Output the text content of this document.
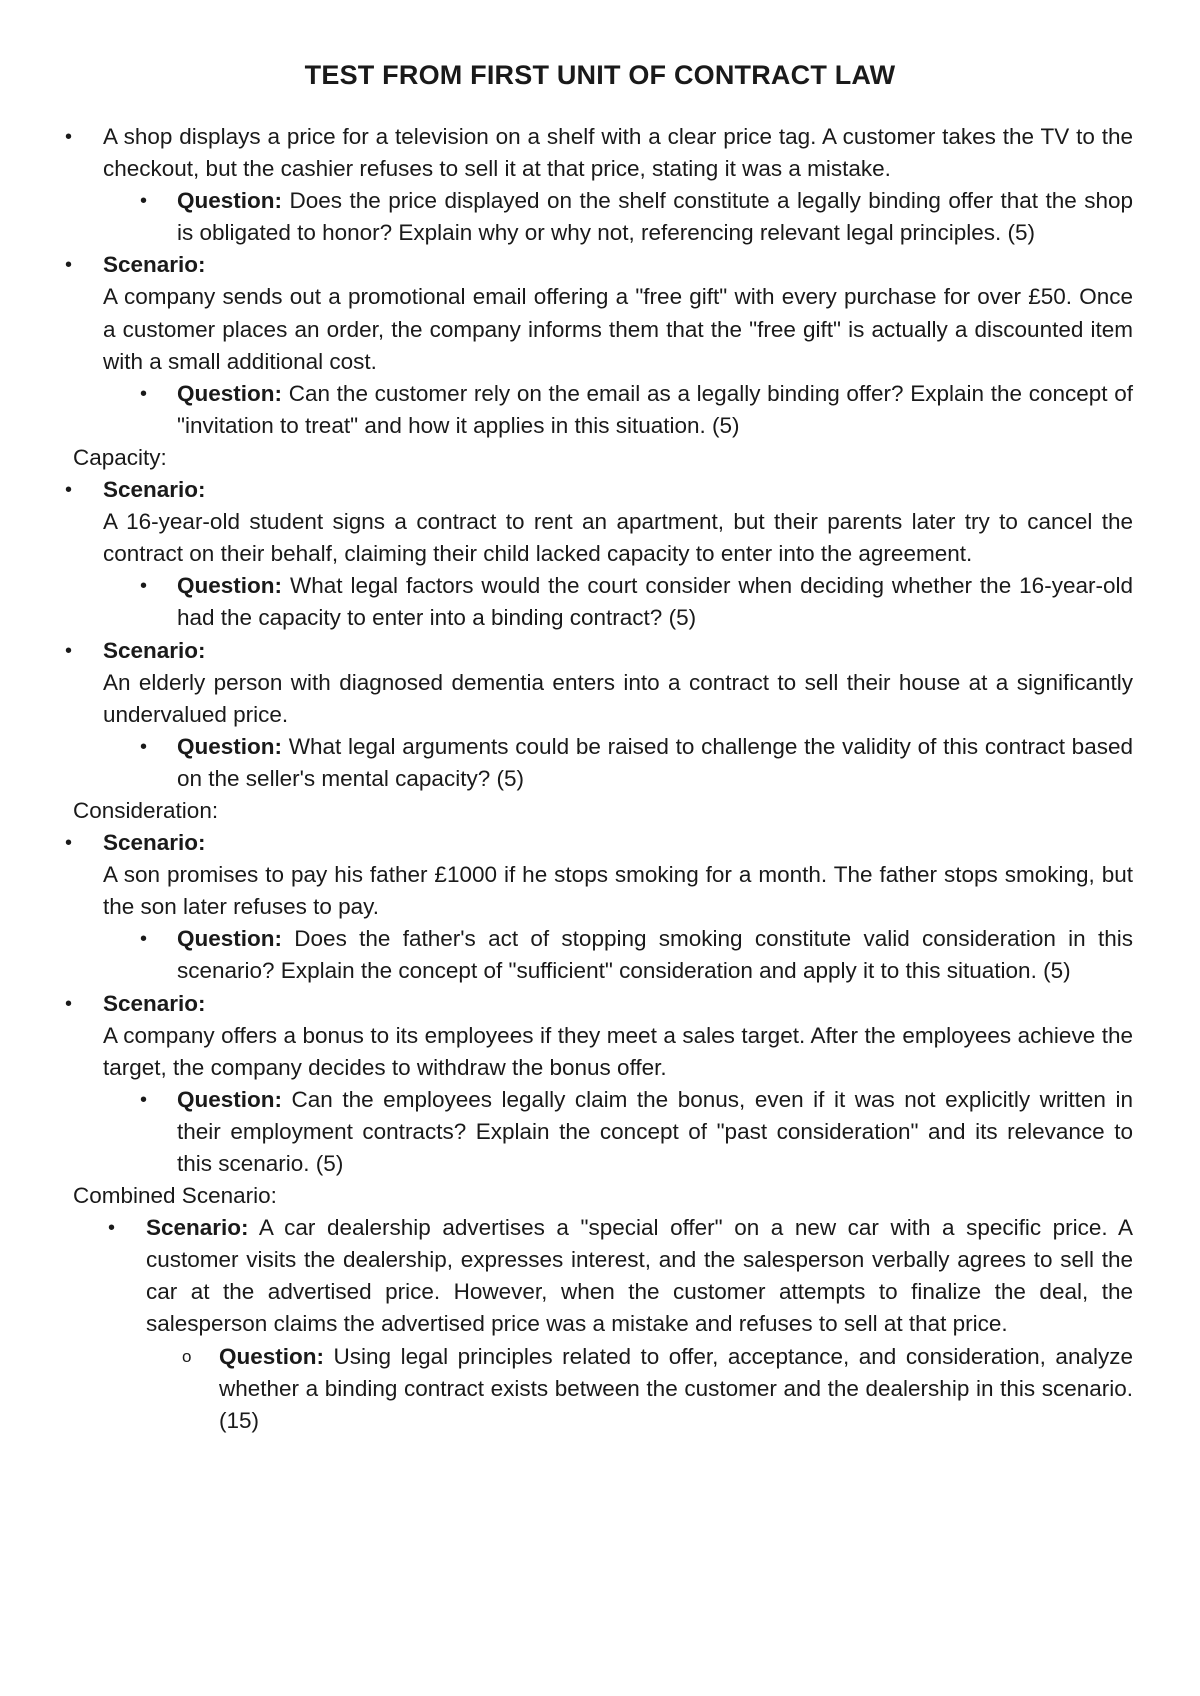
TEST FROM FIRST UNIT OF CONTRACT LAW
• A shop displays a price for a television on a shelf with a clear price tag. A customer takes the TV to the checkout, but the cashier refuses to sell it at that price, stating it was a mistake.
• Question: Does the price displayed on the shelf constitute a legally binding offer that the shop is obligated to honor? Explain why or why not, referencing relevant legal principles. (5)
• Scenario:
A company sends out a promotional email offering a "free gift" with every purchase for over £50. Once a customer places an order, the company informs them that the "free gift" is actually a discounted item with a small additional cost.
• Question: Can the customer rely on the email as a legally binding offer? Explain the concept of "invitation to treat" and how it applies in this situation. (5)
Capacity:
• Scenario:
A 16-year-old student signs a contract to rent an apartment, but their parents later try to cancel the contract on their behalf, claiming their child lacked capacity to enter into the agreement.
• Question: What legal factors would the court consider when deciding whether the 16-year-old had the capacity to enter into a binding contract? (5)
• Scenario:
An elderly person with diagnosed dementia enters into a contract to sell their house at a significantly undervalued price.
• Question: What legal arguments could be raised to challenge the validity of this contract based on the seller's mental capacity? (5)
Consideration:
• Scenario:
A son promises to pay his father £1000 if he stops smoking for a month. The father stops smoking, but the son later refuses to pay.
• Question: Does the father's act of stopping smoking constitute valid consideration in this scenario? Explain the concept of "sufficient" consideration and apply it to this situation. (5)
• Scenario:
A company offers a bonus to its employees if they meet a sales target. After the employees achieve the target, the company decides to withdraw the bonus offer.
• Question: Can the employees legally claim the bonus, even if it was not explicitly written in their employment contracts? Explain the concept of "past consideration" and its relevance to this scenario. (5)
Combined Scenario:
• Scenario: A car dealership advertises a "special offer" on a new car with a specific price. A customer visits the dealership, expresses interest, and the salesperson verbally agrees to sell the car at the advertised price. However, when the customer attempts to finalize the deal, the salesperson claims the advertised price was a mistake and refuses to sell at that price.
o Question: Using legal principles related to offer, acceptance, and consideration, analyze whether a binding contract exists between the customer and the dealership in this scenario. (15)
